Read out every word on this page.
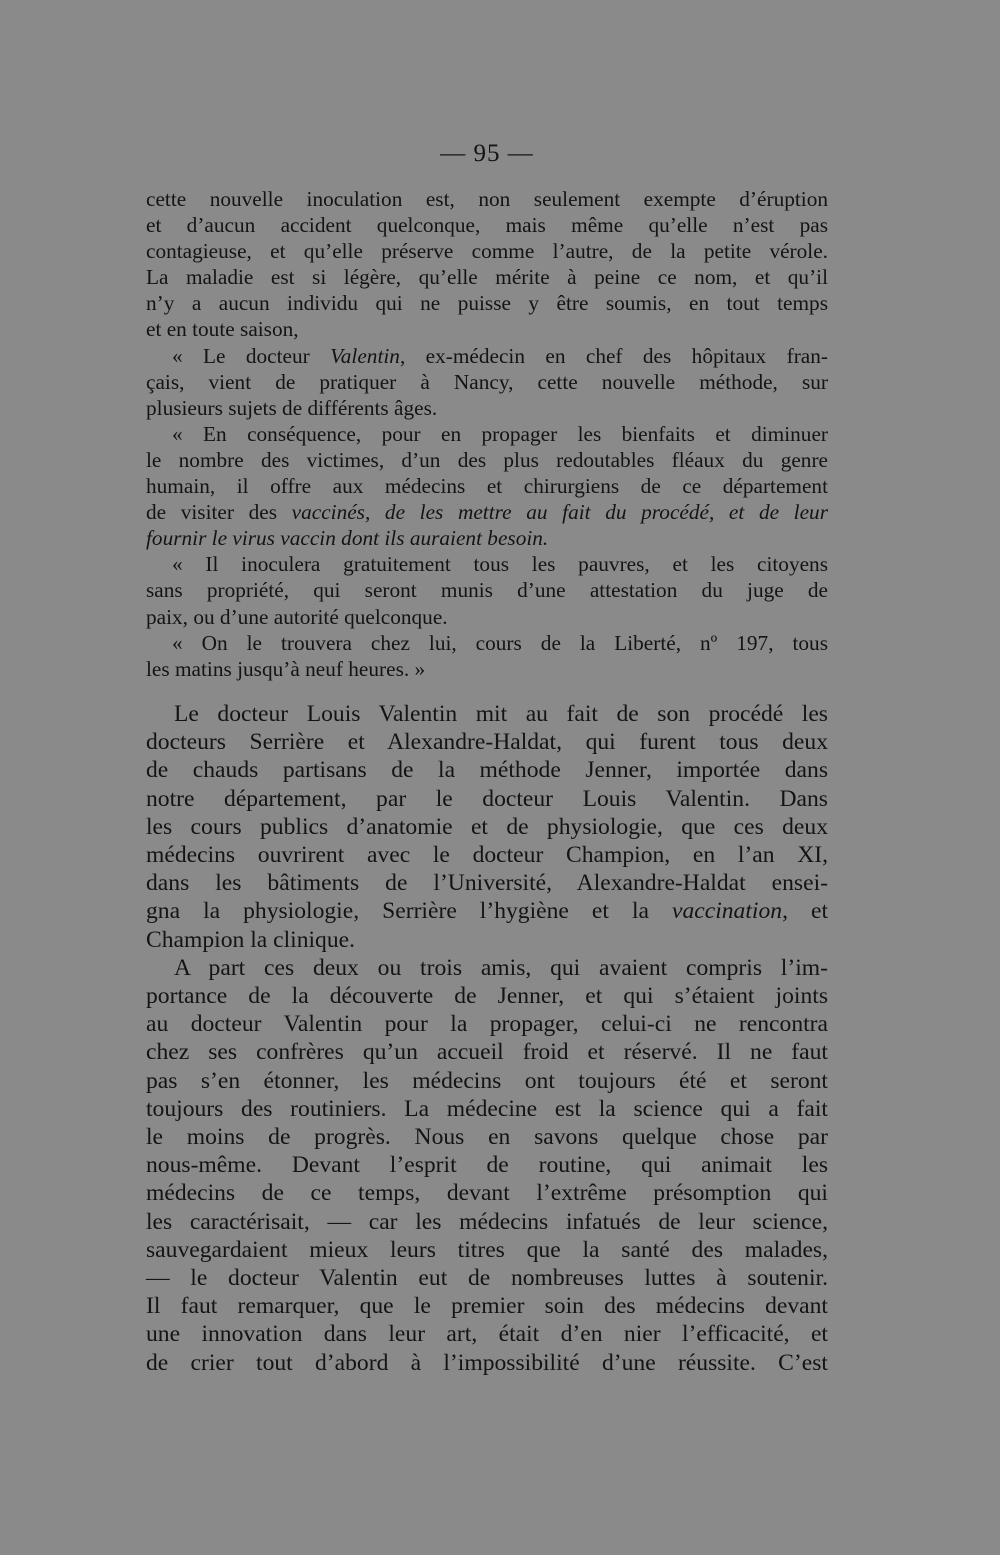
— 95 —

cette nouvelle inoculation est, non seulement exempte d’éruption
et d’aucun accident quelconque, mais même qu’elle n’est pas
contagieuse, et qu’elle préserve comme l’autre, de la petite vérole.
La maladie est si légère, qu’elle mérite à peine ce nom, et qu’il
n’y a aucun individu qui ne puisse y être soumis, en tout temps
et en toute saison,

« Le docteur Valentin, ex-médecin en chef des hôpitaux fran-
çais, vient de pratiquer à Nancy, cette nouvelle méthode, sur
plusieurs sujets de différents âges.

« En conséquence, pour en propager les bienfaits et diminuer
le nombre des victimes, d’un des plus redoutables fléaux du genre
humain, il offre aux médecins et chirurgiens de ce département
de visiter des vaccinés, de les mettre au fait du procédé, et de leur
fournir le virus vaccin dont ils auraient besoin.

« Il inoculera gratuitement tous les pauvres, et les citoyens
sans propriété, qui seront munis d’une attestation du juge de
paix, ou d’une autorité quelconque.

« On le trouvera chez lui, cours de la Liberté, nº 197, tous
les matins jusqu’à neuf heures. »

Le docteur Louis Valentin mit au fait de son procédé les
docteurs Serrière et Alexandre-Haldat, qui furent tous deux
de chauds partisans de la méthode Jenner, importée dans
notre département, par le docteur Louis Valentin. Dans
les cours publics d’anatomie et de physiologie, que ces deux
médecins ouvrirent avec le docteur Champion, en l’an XI,
dans les bâtiments de l’Université, Alexandre-Haldat ensei-
gna la physiologie, Serrière l’hygiène et la vaccination, et
Champion la clinique.

A part ces deux ou trois amis, qui avaient compris l’im-
portance de la découverte de Jenner, et qui s’étaient joints
au docteur Valentin pour la propager, celui-ci ne rencontra
chez ses confrères qu’un accueil froid et réservé. Il ne faut
pas s’en étonner, les médecins ont toujours été et seront
toujours des routiniers. La médecine est la science qui a fait
le moins de progrès. Nous en savons quelque chose par
nous-même. Devant l’esprit de routine, qui animait les
médecins de ce temps, devant l’extrême présomption qui
les caractérisait, — car les médecins infatués de leur science,
sauvegardaient mieux leurs titres que la santé des malades,
— le docteur Valentin eut de nombreuses luttes à soutenir.
Il faut remarquer, que le premier soin des médecins devant
une innovation dans leur art, était d’en nier l’efficacité, et
de crier tout d’abord à l’impossibilité d’une réussite. C’est
